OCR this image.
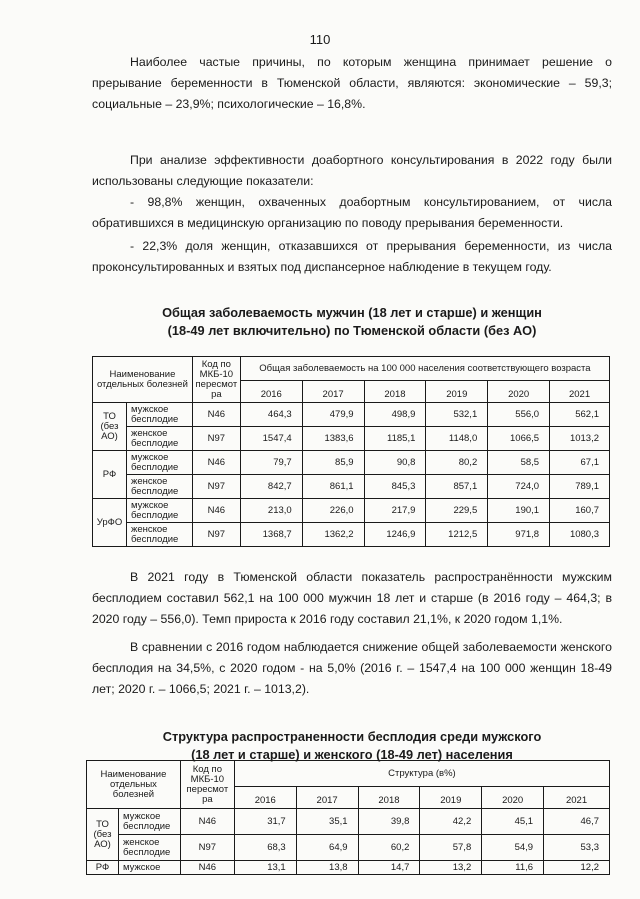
110

Наиболее частые причины, по которым женщина принимает решение о прерывание беременности в Тюменской области, являются: экономические – 59,3; социальные – 23,9%; психологические – 16,8%.

При анализе эффективности доабортного консультирования в 2022 году были использованы следующие показатели:

- 98,8% женщин, охваченных доабортным консультированием, от числа обратившихся в медицинскую организацию по поводу прерывания беременности.

- 22,3% доля женщин, отказавшихся от прерывания беременности, из числа проконсультированных и взятых под диспансерное наблюдение в текущем году.

Общая заболеваемость мужчин (18 лет и старше) и женщин
(18-49 лет включительно) по Тюменской области (без АО)
Наименование отдельных болезней		Код по МКБ-10 пересмот ра	Общая заболеваемость на 100 000 населения соответствующего возраста					
			2016	2017	2018	2019	2020	2021
ТО (без АО)	мужское бесплодие	N46	464,3	479,9	498,9	532,1	556,0	562,1
	женское бесплодие	N97	1547,4	1383,6	1185,1	1148,0	1066,5	1013,2
РФ	мужское бесплодие	N46	79,7	85,9	90,8	80,2	58,5	67,1
	женское бесплодие	N97	842,7	861,1	845,3	857,1	724,0	789,1
УрФО	мужское бесплодие	N46	213,0	226,0	217,9	229,5	190,1	160,7
	женское бесплодие	N97	1368,7	1362,2	1246,9	1212,5	971,8	1080,3

В 2021 году в Тюменской области показатель распространённости мужским бесплодием составил 562,1 на 100 000 мужчин 18 лет и старше (в 2016 году – 464,3; в 2020 году – 556,0). Темп прироста к 2016 году составил 21,1%, к 2020 годом 1,1%.

В сравнении с 2016 годом наблюдается снижение общей заболеваемости женского бесплодия на 34,5%, с 2020 годом - на 5,0% (2016 г. – 1547,4 на 100 000 женщин 18-49 лет; 2020 г. – 1066,5; 2021 г. – 1013,2).

Структура распространенности бесплодия среди мужского
(18 лет и старше) и женского (18-49 лет) населения
Наименование отдельных болезней		Код по МКБ-10 пересмот ра	Структура (в%)					
			2016	2017	2018	2019	2020	2021
ТО (без АО)	мужское бесплодие	N46	31,7	35,1	39,8	42,2	45,1	46,7
	женское бесплодие	N97	68,3	64,9	60,2	57,8	54,9	53,3
РФ	мужское	N46	13,1	13,8	14,7	13,2	11,6	12,2
